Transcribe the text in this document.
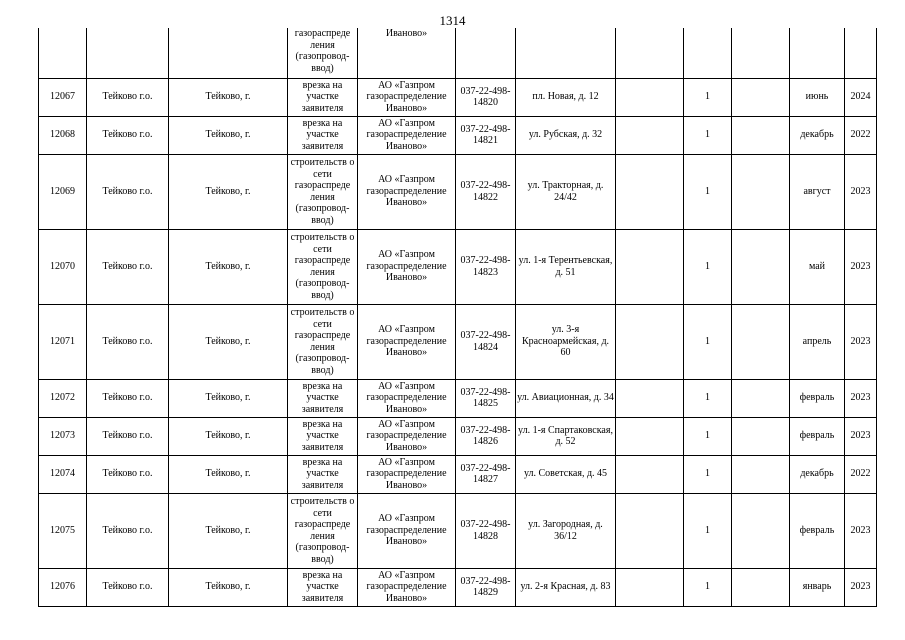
1314
			газораспреде ления (газопровод-ввод)	Иваново»							
12067	Тейково г.о.	Тейково, г.	врезка на участке заявителя	АО «Газпром газораспределение Иваново»	037-22-498-14820	пл. Новая, д. 12		1		июнь	2024
12068	Тейково г.о.	Тейково, г.	врезка на участке заявителя	АО «Газпром газораспределение Иваново»	037-22-498-14821	ул. Рубская, д. 32		1		декабрь	2022
12069	Тейково г.о.	Тейково, г.	строительств о сети газораспреде ления (газопровод-ввод)	АО «Газпром газораспределение Иваново»	037-22-498-14822	ул. Тракторная, д. 24/42		1		август	2023
12070	Тейково г.о.	Тейково, г.	строительств о сети газораспреде ления (газопровод-ввод)	АО «Газпром газораспределение Иваново»	037-22-498-14823	ул. 1-я Терентьевская, д. 51		1		май	2023
12071	Тейково г.о.	Тейково, г.	строительств о сети газораспреде ления (газопровод-ввод)	АО «Газпром газораспределение Иваново»	037-22-498-14824	ул. 3-я Красноармейская, д. 60		1		апрель	2023
12072	Тейково г.о.	Тейково, г.	врезка на участке заявителя	АО «Газпром газораспределение Иваново»	037-22-498-14825	ул. Авиационная, д. 34		1		февраль	2023
12073	Тейково г.о.	Тейково, г.	врезка на участке заявителя	АО «Газпром газораспределение Иваново»	037-22-498-14826	ул. 1-я Спартаковская, д. 52		1		февраль	2023
12074	Тейково г.о.	Тейково, г.	врезка на участке заявителя	АО «Газпром газораспределение Иваново»	037-22-498-14827	ул. Советская, д. 45		1		декабрь	2022
12075	Тейково г.о.	Тейково, г.	строительств о сети газораспреде ления (газопровод-ввод)	АО «Газпром газораспределение Иваново»	037-22-498-14828	ул. Загородная, д. 36/12		1		февраль	2023
12076	Тейково г.о.	Тейково, г.	врезка на участке заявителя	АО «Газпром газораспределение Иваново»	037-22-498-14829	ул. 2-я Красная, д. 83		1		январь	2023
